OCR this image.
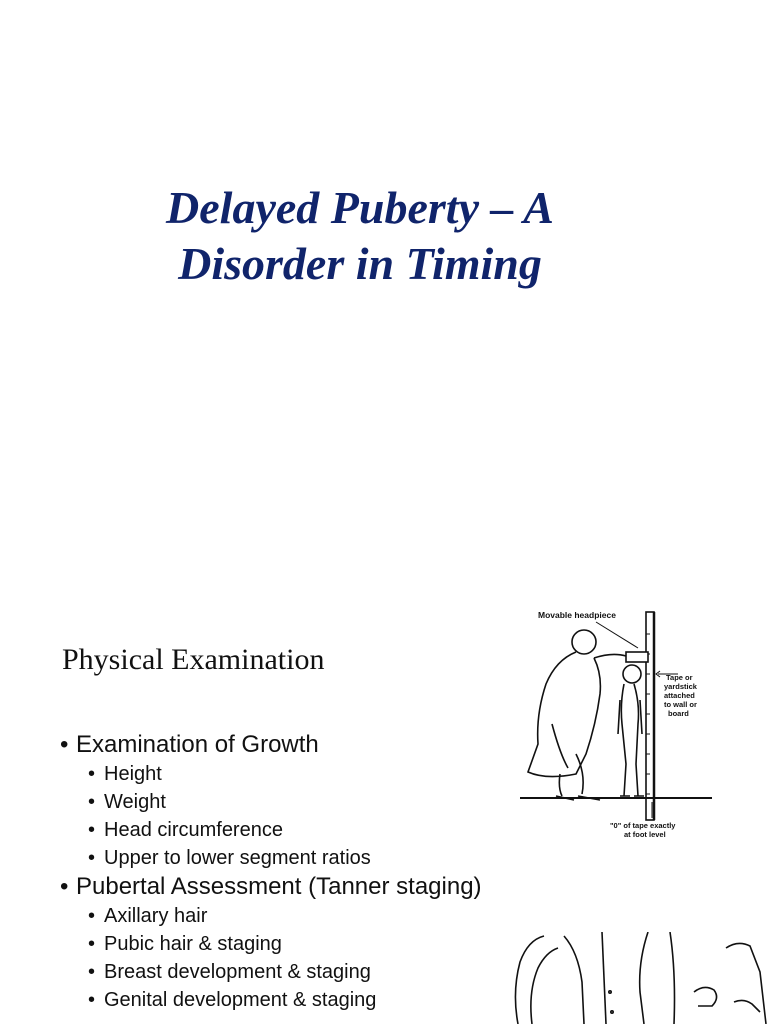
Delayed Puberty – A
Disorder in Timing
Physical Examination
• Examination of Growth
• Height
• Weight
• Head circumference
• Upper to lower segment ratios
• Pubertal Assessment (Tanner staging)
• Axillary hair
• Pubic hair & staging
• Breast development & staging
• Genital development & staging
Movable headpiece
Tape or
yardstick
attached
to wall or
board
"0" of tape exactly
at foot level
